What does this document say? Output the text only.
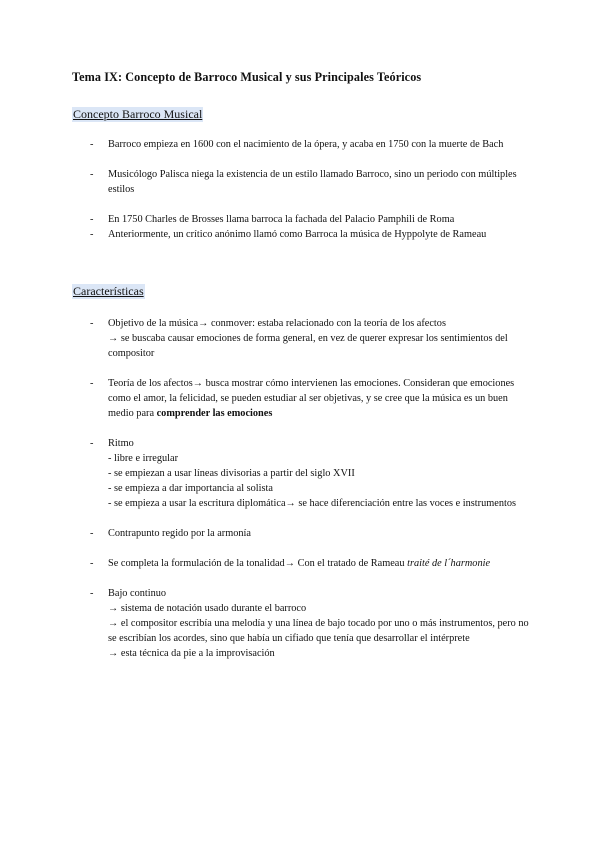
Tema IX: Concepto de Barroco Musical y sus Principales Teóricos
Concepto Barroco Musical
- Barroco empieza en 1600 con el nacimiento de la ópera, y acaba en 1750 con la muerte de Bach
- Musicólogo Palisca niega la existencia de un estilo llamado Barroco, sino un periodo con múltiples estilos
- En 1750 Charles de Brosses llama barroca la fachada del Palacio Pamphili de Roma
- Anteriormente, un crítico anónimo llamó como Barroca la música de Hyppolyte de Rameau
Características
- Objetivo de la música→ conmover: estaba relacionado con la teoría de los afectos
→ se buscaba causar emociones de forma general, en vez de querer expresar los sentimientos del compositor
- Teoría de los afectos→ busca mostrar cómo intervienen las emociones. Consideran que emociones como el amor, la felicidad, se pueden estudiar al ser objetivas, y se cree que la música es un buen medio para comprender las emociones
- Ritmo
- libre e irregular
- se empiezan a usar líneas divisorias a partir del siglo XVII
- se empieza a dar importancia al solista
- se empieza a usar la escritura diplomática→ se hace diferenciación entre las voces e instrumentos
- Contrapunto regido por la armonía
- Se completa la formulación de la tonalidad→ Con el tratado de Rameau traité de l´harmonie
- Bajo continuo
→ sistema de notación usado durante el barroco
→ el compositor escribía una melodía y una línea de bajo tocado por uno o más instrumentos, pero no se escribían los acordes, sino que había un cifiado que tenía que desarrollar el intérprete
→ esta técnica da pie a la improvisación
